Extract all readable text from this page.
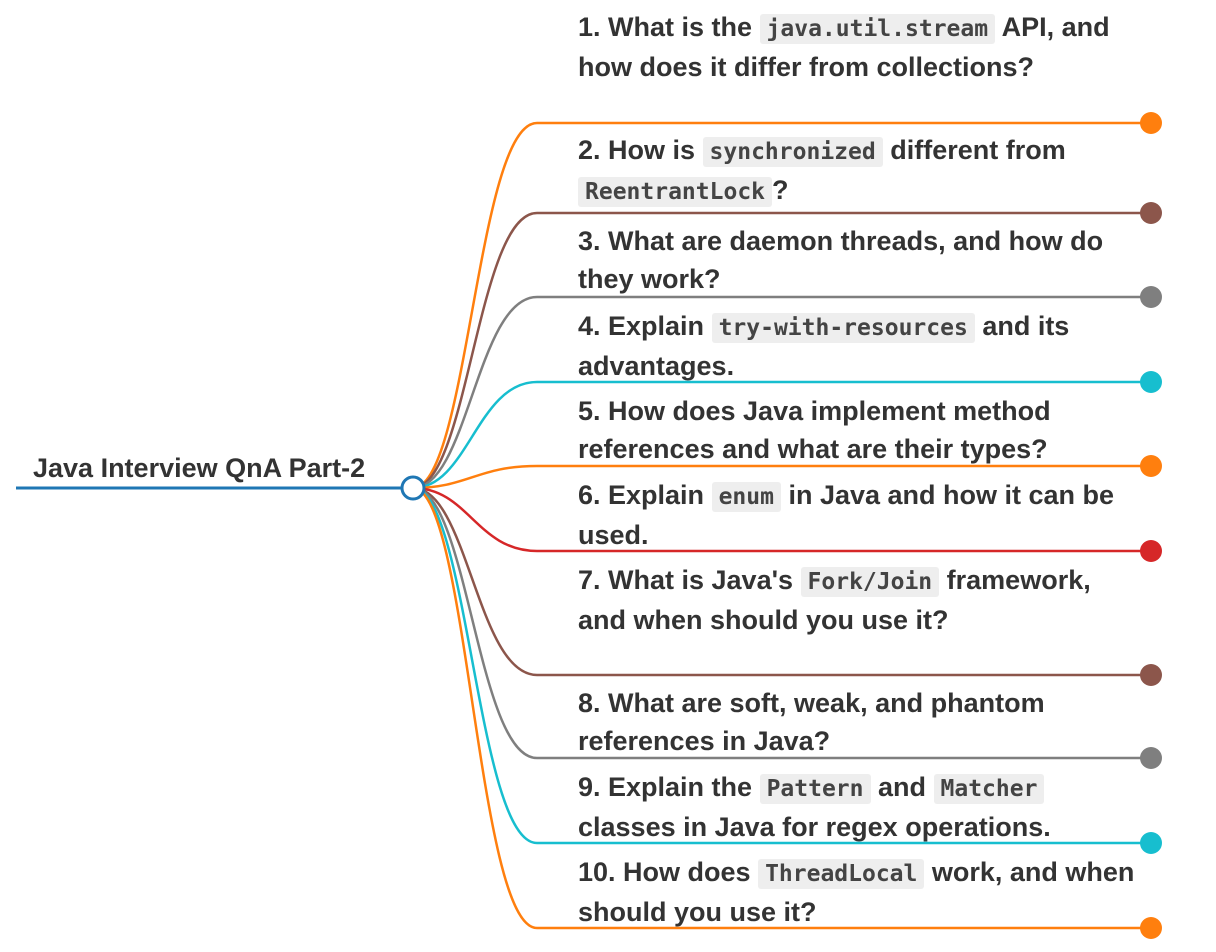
Java Interview QnA Part-2
1. What is the java.util.stream API, and how does it differ from collections?
2. How is synchronized different from ReentrantLock ?
3. What are daemon threads, and how do they work?
4. Explain try-with-resources and its advantages.
5. How does Java implement method references and what are their types?
6. Explain enum in Java and how it can be used.
7. What is Java's Fork/Join framework, and when should you use it?
8. What are soft, weak, and phantom references in Java?
9. Explain the Pattern and Matcher classes in Java for regex operations.
10. How does ThreadLocal work, and when should you use it?
